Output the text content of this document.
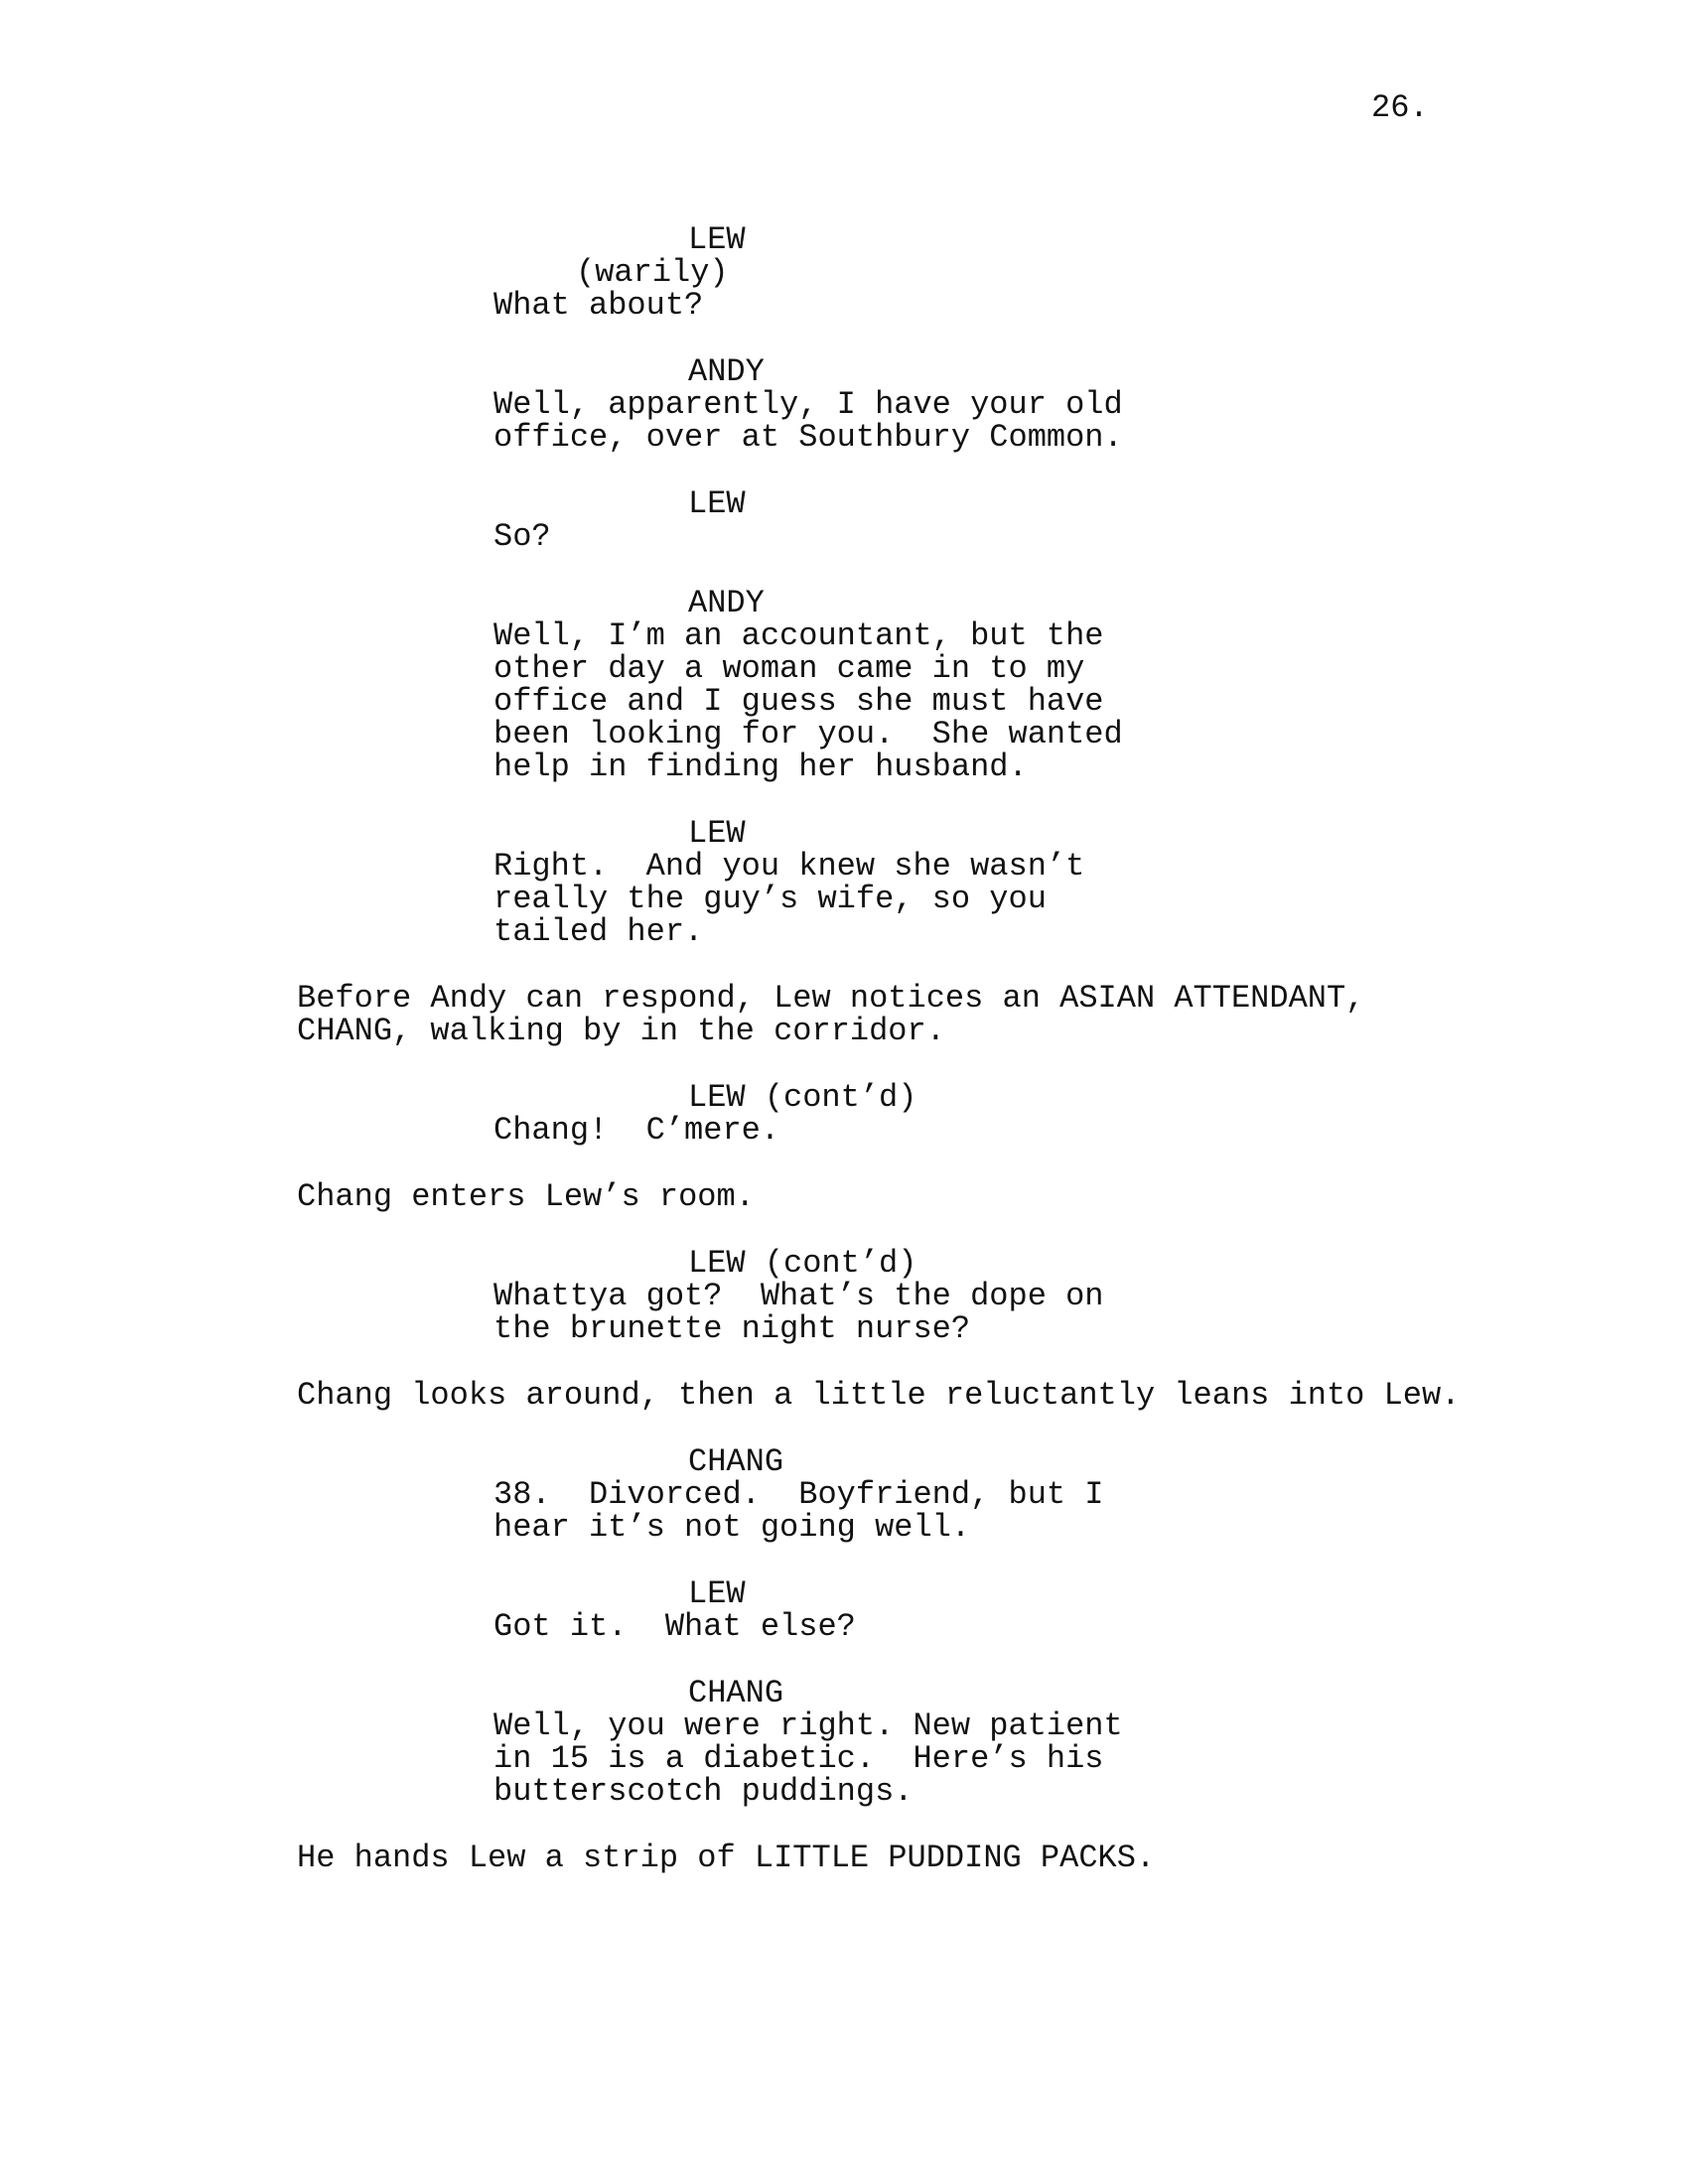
26.
LEW
(warily)
What about?
ANDY
Well, apparently, I have your old
office, over at Southbury Common.
LEW
So?
ANDY
Well, I’m an accountant, but the
other day a woman came in to my
office and I guess she must have
been looking for you.  She wanted
help in finding her husband.
LEW
Right.  And you knew she wasn’t
really the guy’s wife, so you
tailed her.
Before Andy can respond, Lew notices an ASIAN ATTENDANT,
CHANG, walking by in the corridor.
LEW (cont’d)
Chang!  C’mere.
Chang enters Lew’s room.
LEW (cont’d)
Whattya got?  What’s the dope on
the brunette night nurse?
Chang looks around, then a little reluctantly leans into Lew.
CHANG
38.  Divorced.  Boyfriend, but I
hear it’s not going well.
LEW
Got it.  What else?
CHANG
Well, you were right. New patient
in 15 is a diabetic.  Here’s his
butterscotch puddings.
He hands Lew a strip of LITTLE PUDDING PACKS.
